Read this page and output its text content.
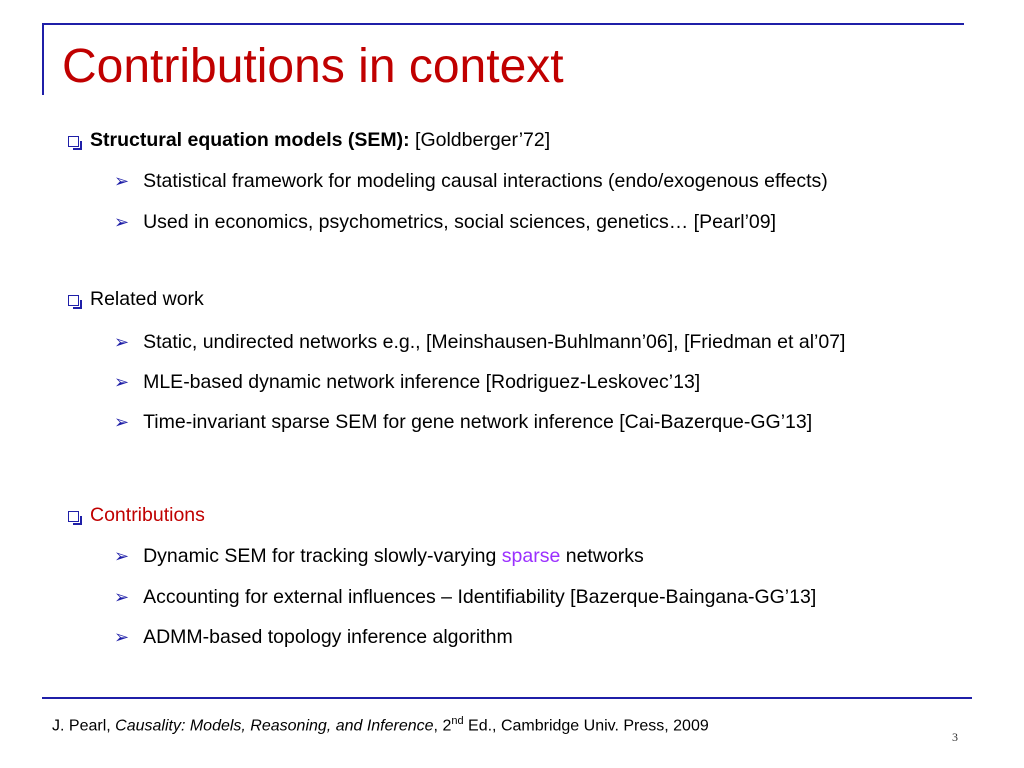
Contributions in context
Structural equation models (SEM): [Goldberger’72]
➢ Statistical framework for modeling causal interactions (endo/exogenous effects)
➢ Used in economics, psychometrics, social sciences, genetics… [Pearl’09]
Related work
➢ Static, undirected networks e.g., [Meinshausen-Buhlmann’06], [Friedman et al’07]
➢ MLE-based dynamic network inference [Rodriguez-Leskovec’13]
➢ Time-invariant sparse SEM for gene network inference [Cai-Bazerque-GG’13]
Contributions
➢ Dynamic SEM for tracking slowly-varying sparse networks
➢ Accounting for external influences – Identifiability [Bazerque-Baingana-GG’13]
➢ ADMM-based topology inference algorithm
J. Pearl, Causality: Models, Reasoning, and Inference, 2nd Ed., Cambridge Univ. Press, 2009
3
